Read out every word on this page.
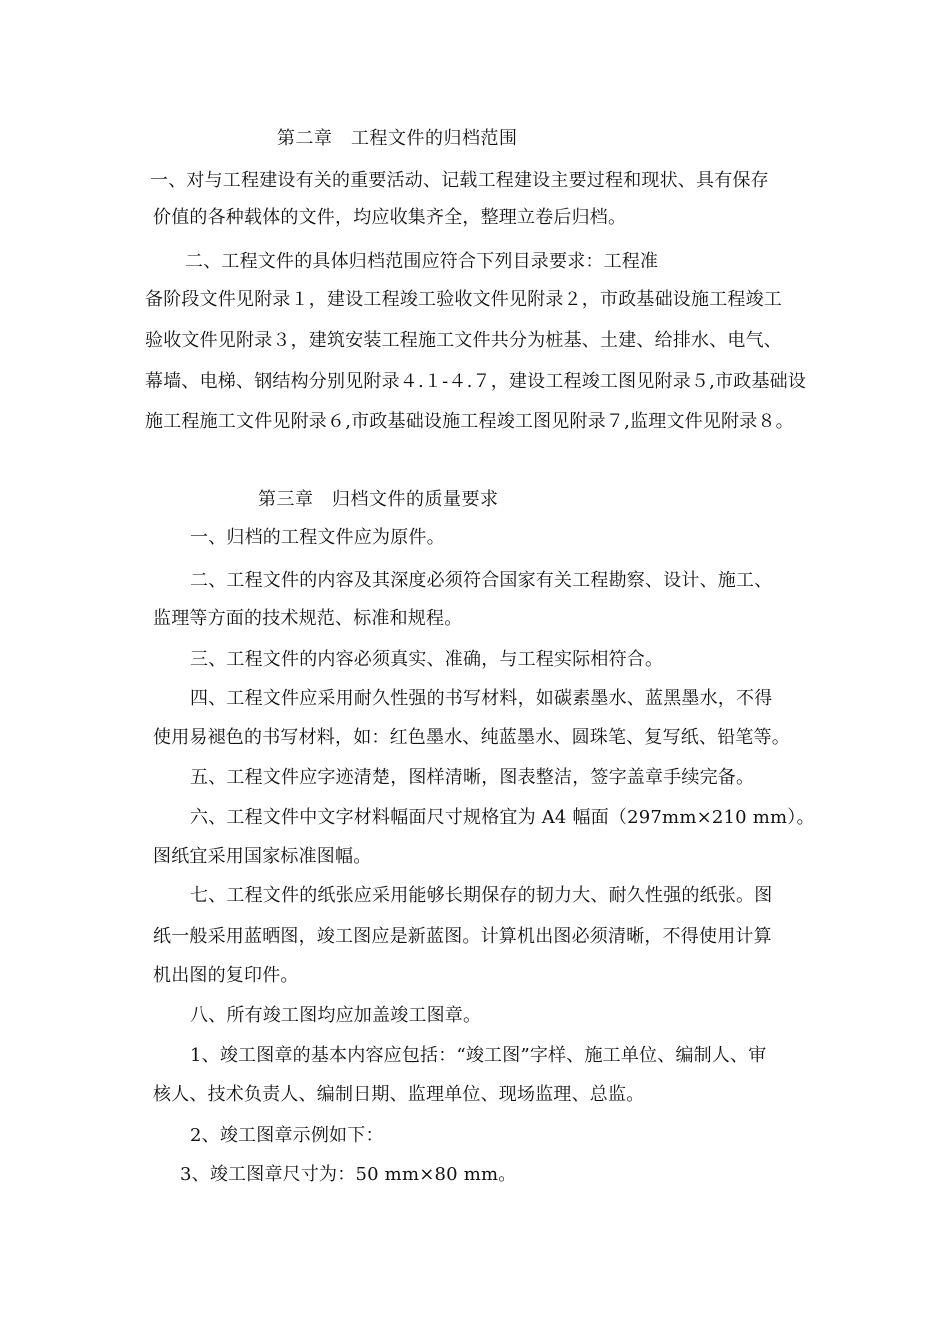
第二章　工程文件的归档范围
一、对与工程建设有关的重要活动、记载工程建设主要过程和现状、具有保存
价值的各种载体的文件，均应收集齐全，整理立卷后归档。
二、工程文件的具体归档范围应符合下列目录要求：工程准
备阶段文件见附录１，建设工程竣工验收文件见附录２，市政基础设施工程竣工
验收文件见附录３，建筑安装工程施工文件共分为桩基、土建、给排水、电气、
幕墙、电梯、钢结构分别见附录４.１-４.７，建设工程竣工图见附录５,市政基础设
施工程施工文件见附录６,市政基础设施工程竣工图见附录７,监理文件见附录８。
第三章　归档文件的质量要求
一、归档的工程文件应为原件。
二、工程文件的内容及其深度必须符合国家有关工程勘察、设计、施工、
监理等方面的技术规范、标准和规程。
三、工程文件的内容必须真实、准确，与工程实际相符合。
四、工程文件应采用耐久性强的书写材料，如碳素墨水、蓝黑墨水，不得
使用易褪色的书写材料，如：红色墨水、纯蓝墨水、圆珠笔、复写纸、铅笔等。
五、工程文件应字迹清楚，图样清晰，图表整洁，签字盖章手续完备。
六、工程文件中文字材料幅面尺寸规格宜为 A4 幅面（297mm×210 mm）。
图纸宜采用国家标准图幅。
七、工程文件的纸张应采用能够长期保存的韧力大、耐久性强的纸张。图
纸一般采用蓝晒图，竣工图应是新蓝图。计算机出图必须清晰，不得使用计算
机出图的复印件。
八、所有竣工图均应加盖竣工图章。
1、竣工图章的基本内容应包括：“竣工图”字样、施工单位、编制人、审
核人、技术负责人、编制日期、监理单位、现场监理、总监。
2、竣工图章示例如下：
3、竣工图章尺寸为：50 mm×80 mm。
